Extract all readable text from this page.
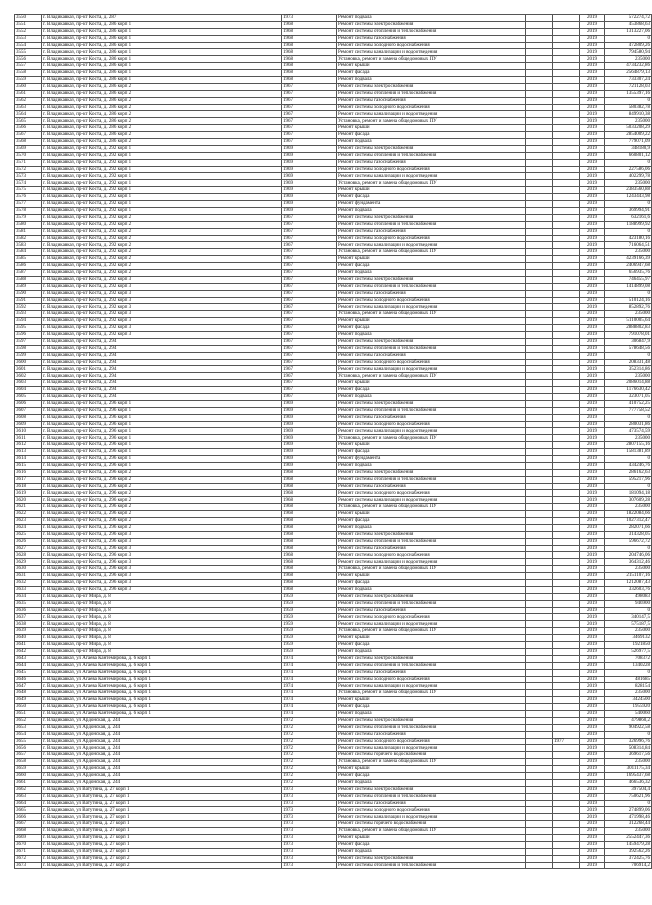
3550	г. Владикавказ, пр-кт Коста, д. 287	1973	Ремонт подвала			2019	572274,72
3551	г. Владикавказ, пр-кт Коста, д. 286 корп 1	1968	Ремонт системы электроснабжения			2019	453868,63
3552	г. Владикавказ, пр-кт Коста, д. 286 корп 1	1968	Ремонт системы отопления и теплоснабжения			2019	1313227,06
3553	г. Владикавказ, пр-кт Коста, д. 286 корп 1	1968	Ремонт системы газоснабжения			2019	0
3554	г. Владикавказ, пр-кт Коста, д. 286 корп 1	1968	Ремонт системы холодного водоснабжения			2019	472809,26
3555	г. Владикавказ, пр-кт Коста, д. 286 корп 1	1968	Ремонт системы канализации и водоотведения			2019	794580,94
3556	г. Владикавказ, пр-кт Коста, д. 286 корп 1	1968	Установка, ремонт и замена общедомовых ПУ			2019	235000
3557	г. Владикавказ, пр-кт Коста, д. 286 корп 1	1968	Ремонт крыши			2019	4734232,86
3558	г. Владикавказ, пр-кт Коста, д. 286 корп 1	1968	Ремонт фасада			2019	2564879,13
3559	г. Владикавказ, пр-кт Коста, д. 286 корп 1	1968	Ремонт подвала			2019	733307,24
3560	г. Владикавказ, пр-кт Коста, д. 286 корп 2	1967	Ремонт системы электроснабжения			2019	721128,03
3561	г. Владикавказ, пр-кт Коста, д. 286 корп 2	1967	Ремонт системы отопления и теплоснабжения			2019	1355397,16
3562	г. Владикавказ, пр-кт Коста, д. 286 корп 2	1967	Ремонт системы газоснабжения			2019	0
3563	г. Владикавказ, пр-кт Коста, д. 286 корп 2	1967	Ремонт системы холодного водоснабжения			2019	580382,78
3564	г. Владикавказ, пр-кт Коста, д. 286 корп 2	1967	Ремонт системы канализации и водоотведения			2019	849910,38
3565	г. Владикавказ, пр-кт Коста, д. 286 корп 2	1967	Установка, ремонт и замена общедомовых ПУ			2019	235000
3566	г. Владикавказ, пр-кт Коста, д. 286 корп 2	1967	Ремонт крыши			2019	5033208,29
3567	г. Владикавказ, пр-кт Коста, д. 286 корп 2	1967	Ремонт фасада			2019	2854009,22
3568	г. Владикавказ, пр-кт Коста, д. 286 корп 2	1967	Ремонт подвала			2019	779071,09
3569	г. Владикавказ, пр-кт Коста, д. 292 корп 1	1969	Ремонт системы электроснабжения			2019	348180,9
3570	г. Владикавказ, пр-кт Коста, д. 292 корп 1	1969	Ремонт системы отопления и теплоснабжения			2019	660801,12
3571	г. Владикавказ, пр-кт Коста, д. 292 корп 1	1969	Ремонт системы газоснабжения			2019	0
3572	г. Владикавказ, пр-кт Коста, д. 292 корп 1	1969	Ремонт системы холодного водоснабжения			2019	227586,06
3573	г. Владикавказ, пр-кт Коста, д. 292 корп 1	1969	Ремонт системы канализации и водоотведения			2019	402299,78
3574	г. Владикавказ, пр-кт Коста, д. 292 корп 1	1969	Установка, ремонт и замена общедомовых ПУ			2019	235000
3575	г. Владикавказ, пр-кт Коста, д. 292 корп 1	1969	Ремонт крыши			2019	2383560,88
3576	г. Владикавказ, пр-кт Коста, д. 292 корп 1	1969	Ремонт фасада			2019	1243443,98
3577	г. Владикавказ, пр-кт Коста, д. 292 корп 1	1969	Ремонт фундамента			2019	0
3578	г. Владикавказ, пр-кт Коста, д. 292 корп 1	1969	Ремонт подвала			2019	369994,91
3579	г. Владикавказ, пр-кт Коста, д. 292 корп 2	1967	Ремонт системы электроснабжения			2019	632161,6
3580	г. Владикавказ, пр-кт Коста, д. 292 корп 2	1967	Ремонт системы отопления и теплоснабжения			2019	1188999,92
3581	г. Владикавказ, пр-кт Коста, д. 292 корп 2	1967	Ремонт системы газоснабжения			2019	0
3582	г. Владикавказ, пр-кт Коста, д. 292 корп 2	1967	Ремонт системы холодного водоснабжения			2019	423180,16
3583	г. Владикавказ, пр-кт Коста, д. 292 корп 2	1967	Ремонт системы канализации и водоотведения			2019	716064,51
3584	г. Владикавказ, пр-кт Коста, д. 292 корп 2	1967	Установка, ремонт и замена общедомовых ПУ			2019	235000
3585	г. Владикавказ, пр-кт Коста, д. 292 корп 2	1967	Ремонт крыши			2019	4239166,39
3586	г. Владикавказ, пр-кт Коста, д. 292 корп 2	1967	Ремонт фасада			2019	2406947,68
3587	г. Владикавказ, пр-кт Коста, д. 292 корп 2	1967	Ремонт подвала			2019	656935,76
3588	г. Владикавказ, пр-кт Коста, д. 292 корп 3	1967	Ремонт системы электроснабжения			2019	746455,97
3589	г. Владикавказ, пр-кт Коста, д. 292 корп 3	1967	Ремонт системы отопления и теплоснабжения			2019	1414899,08
3590	г. Владикавказ, пр-кт Коста, д. 292 корп 3	1967	Ремонт системы газоснабжения			2019	0
3591	г. Владикавказ, пр-кт Коста, д. 292 корп 3	1967	Ремонт системы холодного водоснабжения			2019	510124,16
3592	г. Владикавказ, пр-кт Коста, д. 292 корп 3	1967	Ремонт системы канализации и водоотведения			2019	852892,76
3593	г. Владикавказ, пр-кт Коста, д. 292 корп 3	1967	Установка, ремонт и замена общедомовых ПУ			2019	235000
3594	г. Владикавказ, пр-кт Коста, д. 292 корп 3	1967	Ремонт крыши			2019	5110005,64
3595	г. Владикавказ, пр-кт Коста, д. 292 корп 3	1967	Ремонт фасада			2019	2888802,83
3596	г. Владикавказ, пр-кт Коста, д. 292 корп 3	1967	Ремонт подвала			2019	791078,01
3597	г. Владикавказ, пр-кт Коста, д. 294	1967	Ремонт системы электроснабжения			2019	306847,9
3598	г. Владикавказ, пр-кт Коста, д. 294	1967	Ремонт системы отопления и теплоснабжения			2019	578648,56
3599	г. Владикавказ, пр-кт Коста, д. 294	1967	Ремонт системы газоснабжения			2019	0
3600	г. Владикавказ, пр-кт Коста, д. 294	1967	Ремонт системы холодного водоснабжения			2019	208331,48
3601	г. Владикавказ, пр-кт Коста, д. 294	1967	Ремонт системы канализации и водоотведения			2019	352314,86
3602	г. Владикавказ, пр-кт Коста, д. 294	1967	Установка, ремонт и замена общедомовых ПУ			2019	235000
3603	г. Владикавказ, пр-кт Коста, д. 294	1967	Ремонт крыши			2019	2086014,88
3604	г. Владикавказ, пр-кт Коста, д. 294	1967	Ремонт фасада			2019	1176630,42
3605	г. Владикавказ, пр-кт Коста, д. 294	1967	Ремонт подвала			2019	323071,05
3606	г. Владикавказ, пр-кт Коста, д. 296 корп 1	1969	Ремонт системы электроснабжения			2019	410752,25
3607	г. Владикавказ, пр-кт Коста, д. 296 корп 1	1969	Ремонт системы отопления и теплоснабжения			2019	777758,52
3608	г. Владикавказ, пр-кт Коста, д. 296 корп 1	1969	Ремонт системы газоснабжения			2019	0
3609	г. Владикавказ, пр-кт Коста, д. 296 корп 1	1969	Ремонт системы холодного водоснабжения			2019	280031,86
3610	г. Владикавказ, пр-кт Коста, д. 296 корп 1	1969	Ремонт системы канализации и водоотведения			2019	473574,59
3611	г. Владикавказ, пр-кт Коста, д. 296 корп 1	1969	Установка, ремонт и замена общедомовых ПУ			2019	235000
3612	г. Владикавказ, пр-кт Коста, д. 296 корп 1	1969	Ремонт крыши			2019	2807155,16
3613	г. Владикавказ, пр-кт Коста, д. 296 корп 1	1969	Ремонт фасада			2019	1581381,89
3614	г. Владикавказ, пр-кт Коста, д. 296 корп 1	1969	Ремонт фундамента			2019	0
3615	г. Владикавказ, пр-кт Коста, д. 296 корп 1	1969	Ремонт подвала			2019	434246,76
3616	г. Владикавказ, пр-кт Коста, д. 296 корп 2	1968	Ремонт системы электроснабжения			2019	286162,63
3617	г. Владикавказ, пр-кт Коста, д. 296 корп 2	1968	Ремонт системы отопления и теплоснабжения			2019	595217,96
3618	г. Владикавказ, пр-кт Коста, д. 296 корп 2	1968	Ремонт системы газоснабжения			2019	0
3619	г. Владикавказ, пр-кт Коста, д. 296 корп 2	1968	Ремонт системы холодного водоснабжения			2019	181094,18
3620	г. Владикавказ, пр-кт Коста, д. 296 корп 2	1968	Ремонт системы канализации и водоотведения			2019	307609,28
3621	г. Владикавказ, пр-кт Коста, д. 296 корп 2	1968	Установка, ремонт и замена общедомовых ПУ			2019	235000
3622	г. Владикавказ, пр-кт Коста, д. 296 корп 2	1968	Ремонт крыши			2019	1822084,66
3623	г. Владикавказ, пр-кт Коста, д. 296 корп 2	1968	Ремонт фасада			2019	1027312,47
3624	г. Владикавказ, пр-кт Коста, д. 296 корп 2	1968	Ремонт подвала			2019	282071,66
3625	г. Владикавказ, пр-кт Коста, д. 296 корп 3	1968	Ремонт системы электроснабжения			2019	314328,05
3626	г. Владикавказ, пр-кт Коста, д. 296 корп 3	1968	Ремонт системы отопления и теплоснабжения			2019	596672,72
3627	г. Владикавказ, пр-кт Коста, д. 296 корп 3	1968	Ремонт системы газоснабжения			2019	0
3628	г. Владикавказ, пр-кт Коста, д. 296 корп 3	1968	Ремонт системы холодного водоснабжения			2019	204746,06
3629	г. Владикавказ, пр-кт Коста, д. 296 корп 3	1968	Ремонт системы канализации и водоотведения			2019	364312,46
3630	г. Владикавказ, пр-кт Коста, д. 296 корп 3	1968	Установка, ремонт и замена общедомовых ПУ			2019	235000
3631	г. Владикавказ, пр-кт Коста, д. 296 корп 3	1968	Ремонт крыши			2019	2151107,16
3632	г. Владикавказ, пр-кт Коста, д. 296 корп 3	1968	Ремонт фасада			2019	1212087,43
3633	г. Владикавказ, пр-кт Коста, д. 296 корп 3	1968	Ремонт подвала			2019	332603,76
3634	г. Владикавказ, пр-кт Мира, д. 8	1959	Ремонт системы электроснабжения			2019	498083
3635	г. Владикавказ, пр-кт Мира, д. 8	1959	Ремонт системы отопления и теплоснабжения			2019	946900
3636	г. Владикавказ, пр-кт Мира, д. 8	1959	Ремонт системы газоснабжения			2019	0
3637	г. Владикавказ, пр-кт Мира, д. 8	1959	Ремонт системы холодного водоснабжения			2019	340147,5
3638	г. Владикавказ, пр-кт Мира, д. 8	1959	Ремонт системы канализации и водоотведения			2019	575187,5
3639	г. Владикавказ, пр-кт Мира, д. 8	1959	Установка, ремонт и замена общедомовых ПУ			2019	235000
3640	г. Владикавказ, пр-кт Мира, д. 8	1959	Ремонт крыши			2019	3469132
3641	г. Владикавказ, пр-кт Мира, д. 8	1959	Ремонт фасада			2019	1921850
3642	г. Владикавказ, пр-кт Мира, д. 8	1959	Ремонт подвала			2019	526977,5
3643	г. Владикавказ, ул Агаева Кантемирова, д. 6 корп 1	1974	Ремонт системы электроснабжения			2019	708372
3644	г. Владикавказ, ул Агаева Кантемирова, д. 6 корп 1	1974	Ремонт системы отопления и теплоснабжения			2019	1340228
3645	г. Владикавказ, ул Агаева Кантемирова, д. 6 корп 1	1974	Ремонт системы газоснабжения			2019	0
3646	г. Владикавказ, ул Агаева Кантемирова, д. 6 корп 1	1974	Ремонт системы холодного водоснабжения			2019	481685
3647	г. Владикавказ, ул Агаева Кантемирова, д. 6 корп 1	1974	Ремонт системы канализации и водоотведения			2019	828154
3648	г. Владикавказ, ул Агаева Кантемирова, д. 6 корп 1	1974	Установка, ремонт и замена общедомовых ПУ			2019	235000
3649	г. Владикавказ, ул Агаева Кантемирова, д. 6 корп 1	1974	Ремонт крыши			2019	3424500
3650	г. Владикавказ, ул Агаева Кантемирова, д. 6 корп 1	1974	Ремонт фасада			2019	1955920
3651	г. Владикавказ, ул Агаева Кантемирова, д. 6 корп 1	1974	Ремонт подвала			2019	540060
3652	г. Владикавказ, ул Ардонская, д. 244	1972	Ремонт системы электроснабжения			2019	479860,2
3653	г. Владикавказ, ул Ардонская, д. 244	1972	Ремонт системы отопления и теплоснабжения			2019	904922,58
3654	г. Владикавказ, ул Ардонская, д. 244	1972	Ремонт системы газоснабжения			2019	0
3655	г. Владикавказ, ул Ардонская, д. 244	1972	Ремонт системы холодного водоснабжения		1977	2019	326996,76
3656	г. Владикавказ, ул Ардонская, д. 244	1972	Ремонт системы канализации и водоотведения			2019	508314,84
3657	г. Владикавказ, ул Ардонская, д. 244	1972	Ремонт системы горячего водоснабжения			2019	369617,56
3658	г. Владикавказ, ул Ардонская, д. 244	1972	Установка, ремонт и замена общедомовых ПУ			2019	235000
3659	г. Владикавказ, ул Ардонская, д. 244	1972	Ремонт крыши			2019	3011175,34
3660	г. Владикавказ, ул Ардонская, д. 244	1972	Ремонт фасада			2019	1695437,68
3661	г. Владикавказ, ул Ардонская, д. 244	1972	Ремонт подвала			2019	466536,32
3662	г. Владикавказ, ул Ватутина, д. 27 корп 1	1973	Ремонт системы электроснабжения			2019	397504,4
3663	г. Владикавказ, ул Ватутина, д. 27 корп 1	1973	Ремонт системы отопления и теплоснабжения			2019	750621,96
3664	г. Владикавказ, ул Ватутина, д. 27 корп 1	1973	Ремонт системы газоснабжения			2019	0
3665	г. Владикавказ, ул Ватутина, д. 27 корп 1	1973	Ремонт системы холодного водоснабжения			2019	274899,06
3666	г. Владикавказ, ул Ватутина, д. 27 корп 1	1973	Ремонт системы канализации и водоотведения			2019	471998,46
3667	г. Владикавказ, ул Ватутина, д. 27 корп 1	1973	Ремонт системы горячего водоснабжения			2019	312268,44
3668	г. Владикавказ, ул Ватутина, д. 27 корп 1	1973	Установка, ремонт и замена общедомовых ПУ			2019	235000
3669	г. Владикавказ, ул Ватутина, д. 27 корп 1	1973	Ремонт крыши			2019	2552447,36
3670	г. Владикавказ, ул Ватутина, д. 27 корп 1	1973	Ремонт фасада			2019	1459479,28
3671	г. Владикавказ, ул Ватутина, д. 27 корп 1	1973	Ремонт подвала			2019	392562,26
3672	г. Владикавказ, ул Ватутина, д. 27 корп 2	1973	Ремонт системы электроснабжения			2019	372425,76
3673	г. Владикавказ, ул Ватутина, д. 27 корп 2	1973	Ремонт системы отопления и теплоснабжения			2019	706914,2
